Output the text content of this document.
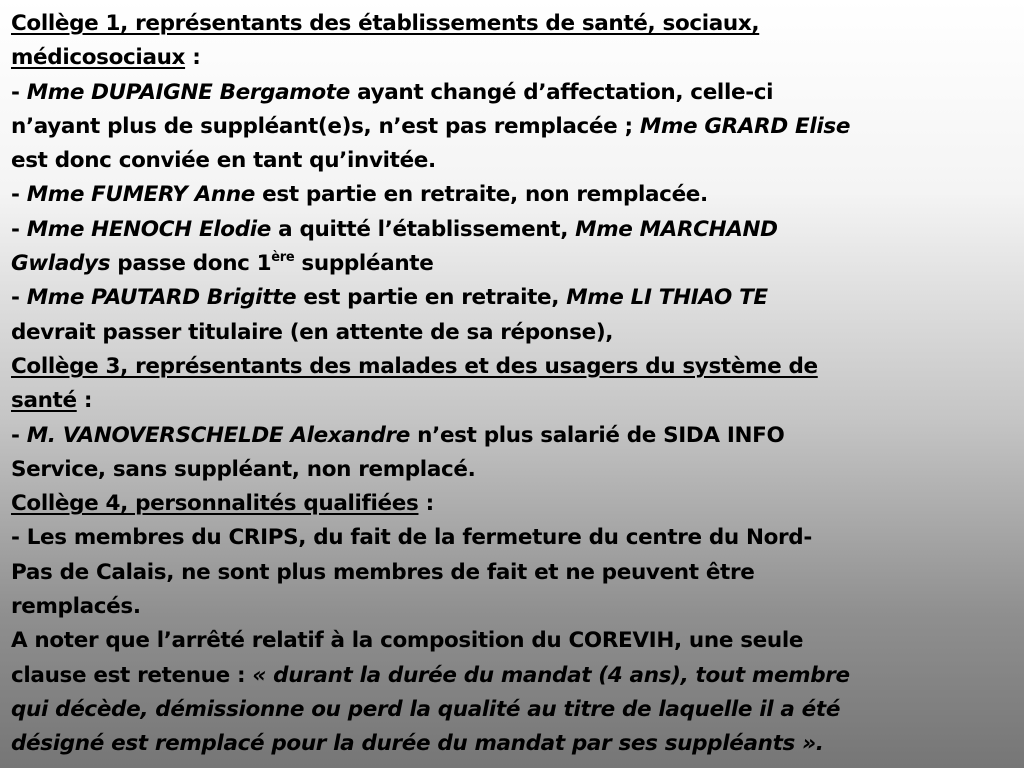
Collège 1, représentants des établissements de santé, sociaux,
médicosociaux :
- Mme DUPAIGNE Bergamote ayant changé d’affectation, celle-ci
n’ayant plus de suppléant(e)s, n’est pas remplacée ; Mme GRARD Elise
est donc conviée en tant qu’invitée.
- Mme FUMERY Anne est partie en retraite, non remplacée.
- Mme HENOCH Elodie a quitté l’établissement, Mme MARCHAND
Gwladys passe donc 1ère suppléante
- Mme PAUTARD Brigitte est partie en retraite, Mme LI THIAO TE
devrait passer titulaire (en attente de sa réponse),
Collège 3, représentants des malades et des usagers du système de
santé :
- M. VANOVERSCHELDE Alexandre n’est plus salarié de SIDA INFO
Service, sans suppléant, non remplacé.
Collège 4, personnalités qualifiées :
- Les membres du CRIPS, du fait de la fermeture du centre du Nord-
Pas de Calais, ne sont plus membres de fait et ne peuvent être
remplacés.
A noter que l’arrêté relatif à la composition du COREVIH, une seule
clause est retenue : « durant la durée du mandat (4 ans), tout membre
qui décède, démissionne ou perd la qualité au titre de laquelle il a été
désigné est remplacé pour la durée du mandat par ses suppléants ».
